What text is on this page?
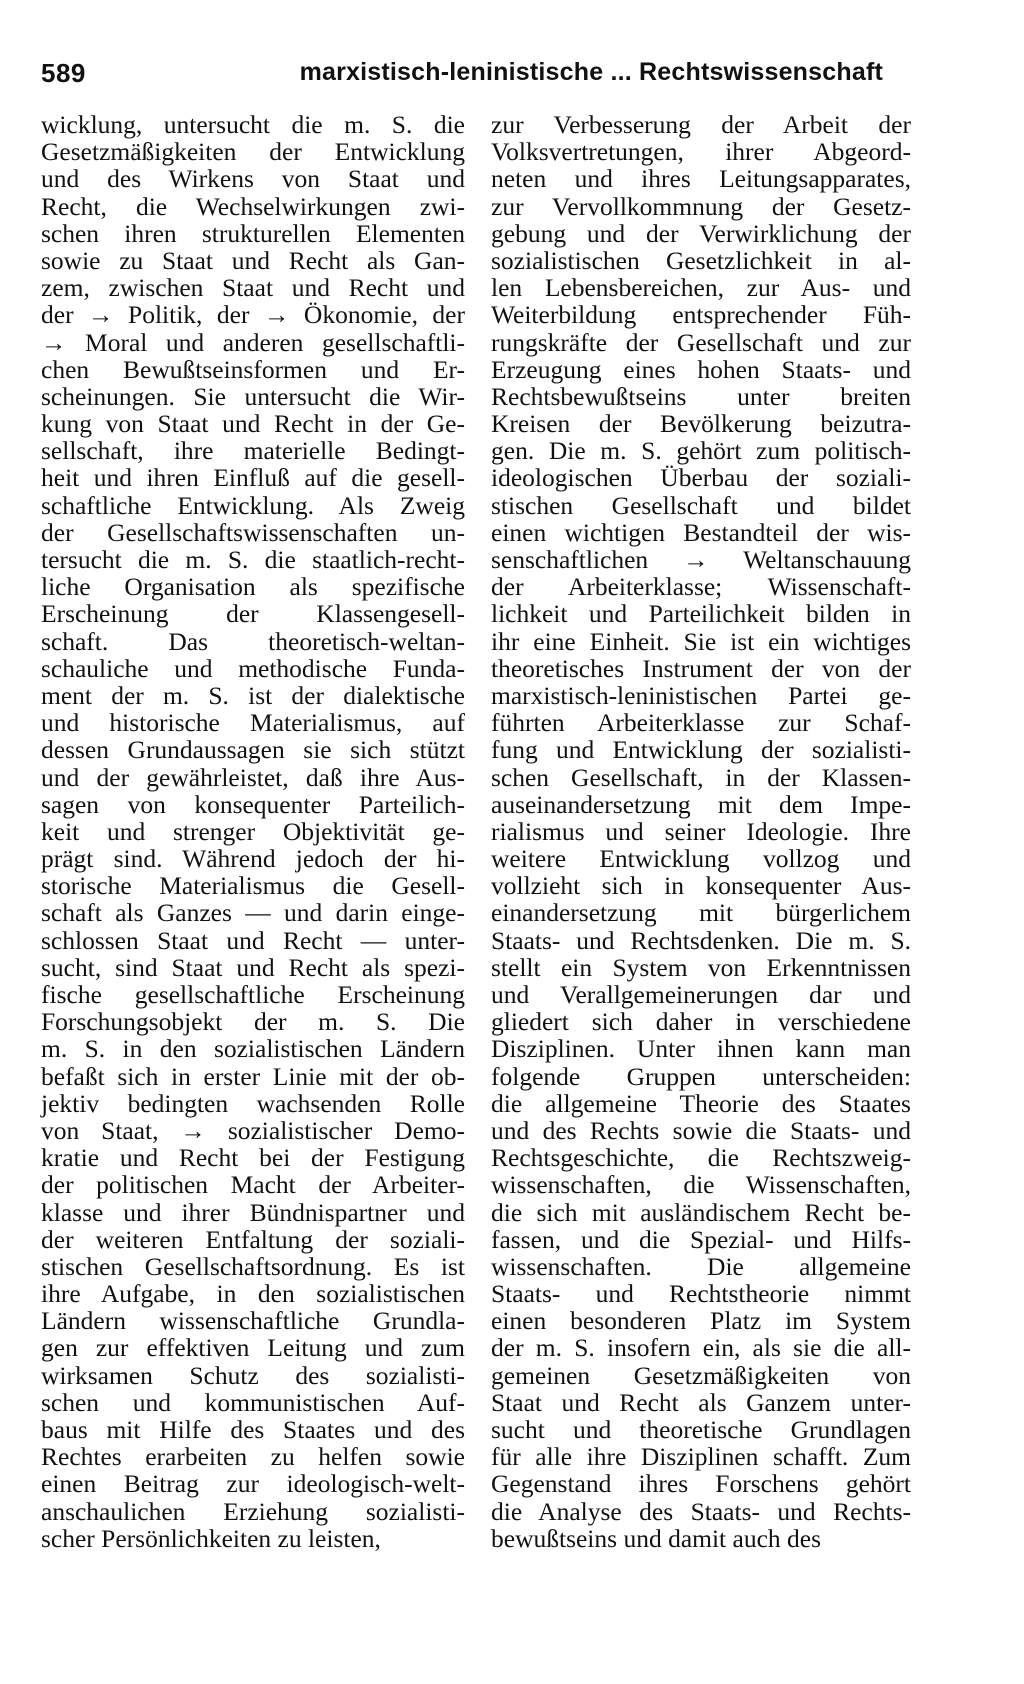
589	marxistisch-leninistische ... Rechtswissenschaft
wicklung, untersucht die m. S. die
Gesetzmäßigkeiten der Entwicklung
und des Wirkens von Staat und
Recht, die Wechselwirkungen zwi-
schen ihren strukturellen Elementen
sowie zu Staat und Recht als Gan-
zem, zwischen Staat und Recht und
der → Politik, der → Ökonomie, der
→ Moral und anderen gesellschaftli-
chen Bewußtseinsformen und Er-
scheinungen. Sie untersucht die Wir-
kung von Staat und Recht in der Ge-
sellschaft, ihre materielle Bedingt-
heit und ihren Einfluß auf die gesell-
schaftliche Entwicklung. Als Zweig
der Gesellschaftswissenschaften un-
tersucht die m. S. die staatlich-recht-
liche Organisation als spezifische
Erscheinung der Klassengesell-
schaft. Das theoretisch-weltan-
schauliche und methodische Funda-
ment der m. S. ist der dialektische
und historische Materialismus, auf
dessen Grundaussagen sie sich stützt
und der gewährleistet, daß ihre Aus-
sagen von konsequenter Parteilich-
keit und strenger Objektivität ge-
prägt sind. Während jedoch der hi-
storische Materialismus die Gesell-
schaft als Ganzes — und darin einge-
schlossen Staat und Recht — unter-
sucht, sind Staat und Recht als spezi-
fische gesellschaftliche Erscheinung
Forschungsobjekt der m. S. Die
m. S. in den sozialistischen Ländern
befaßt sich in erster Linie mit der ob-
jektiv bedingten wachsenden Rolle
von Staat, → sozialistischer Demo-
kratie und Recht bei der Festigung
der politischen Macht der Arbeiter-
klasse und ihrer Bündnispartner und
der weiteren Entfaltung der soziali-
stischen Gesellschaftsordnung. Es ist
ihre Aufgabe, in den sozialistischen
Ländern wissenschaftliche Grundla-
gen zur effektiven Leitung und zum
wirksamen Schutz des sozialisti-
schen und kommunistischen Auf-
baus mit Hilfe des Staates und des
Rechtes erarbeiten zu helfen sowie
einen Beitrag zur ideologisch-welt-
anschaulichen Erziehung sozialisti-
scher Persönlichkeiten zu leisten,
zur Verbesserung der Arbeit der
Volksvertretungen, ihrer Abgeord-
neten und ihres Leitungsapparates,
zur Vervollkommnung der Gesetz-
gebung und der Verwirklichung der
sozialistischen Gesetzlichkeit in al-
len Lebensbereichen, zur Aus- und
Weiterbildung entsprechender Füh-
rungskräfte der Gesellschaft und zur
Erzeugung eines hohen Staats- und
Rechtsbewußtseins unter breiten
Kreisen der Bevölkerung beizutra-
gen. Die m. S. gehört zum politisch-
ideologischen Überbau der soziali-
stischen Gesellschaft und bildet
einen wichtigen Bestandteil der wis-
senschaftlichen → Weltanschauung
der Arbeiterklasse; Wissenschaft-
lichkeit und Parteilichkeit bilden in
ihr eine Einheit. Sie ist ein wichtiges
theoretisches Instrument der von der
marxistisch-leninistischen Partei ge-
führten Arbeiterklasse zur Schaf-
fung und Entwicklung der sozialisti-
schen Gesellschaft, in der Klassen-
auseinandersetzung mit dem Impe-
rialismus und seiner Ideologie. Ihre
weitere Entwicklung vollzog und
vollzieht sich in konsequenter Aus-
einandersetzung mit bürgerlichem
Staats- und Rechtsdenken. Die m. S.
stellt ein System von Erkenntnissen
und Verallgemeinerungen dar und
gliedert sich daher in verschiedene
Disziplinen. Unter ihnen kann man
folgende Gruppen unterscheiden:
die allgemeine Theorie des Staates
und des Rechts sowie die Staats- und
Rechtsgeschichte, die Rechtszweig-
wissenschaften, die Wissenschaften,
die sich mit ausländischem Recht be-
fassen, und die Spezial- und Hilfs-
wissenschaften. Die allgemeine
Staats- und Rechtstheorie nimmt
einen besonderen Platz im System
der m. S. insofern ein, als sie die all-
gemeinen Gesetzmäßigkeiten von
Staat und Recht als Ganzem unter-
sucht und theoretische Grundlagen
für alle ihre Disziplinen schafft. Zum
Gegenstand ihres Forschens gehört
die Analyse des Staats- und Rechts-
bewußtseins und damit auch des
